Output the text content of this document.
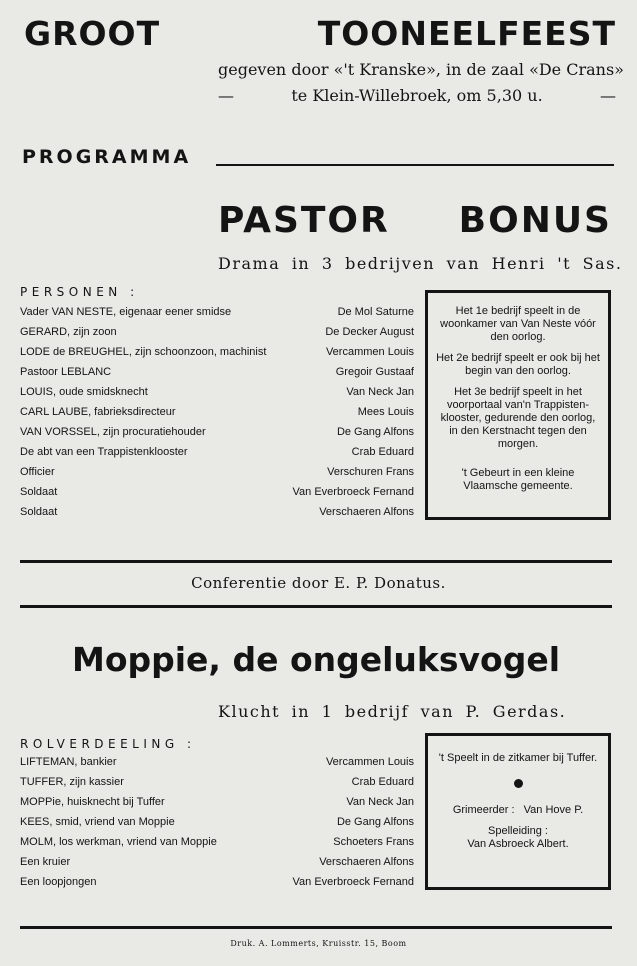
GROOT	TOONEELFEEST
gegeven door «'t Kranske», in de zaal «De Crans»
—	te Klein-Willebroek, om 5,30 u.	—
PROGRAMMA
PASTOR BONUS
Drama in 3 bedrijven van Henri 't Sas.
PERSONEN :
Vader VAN NESTE, eigenaar eener smidse	De Mol Saturne
GERARD, zijn zoon	De Decker August
LODE de BREUGHEL, zijn schoonzoon, machinist	Vercammen Louis
Pastoor LEBLANC	Gregoir Gustaaf
LOUIS, oude smidsknecht	Van Neck Jan
CARL LAUBE, fabrieksdirecteur	Mees Louis
VAN VORSSEL, zijn procuratiehouder	De Gang Alfons
De abt van een Trappistenklooster	Crab Eduard
Officier	Verschuren Frans
Soldaat	Van Everbroeck Fernand
Soldaat	Verschaeren Alfons

Het 1e bedrijf speelt in de woonkamer van Van Neste vóór den oorlog.

Het 2e bedrijf speelt er ook bij het begin van den oorlog.

Het 3e bedrijf speelt in het voorportaal van'n Trappisten-klooster, gedurende den oorlog, in den Kerstnacht tegen den morgen.

't Gebeurt in een kleine Vlaamsche gemeente.

Conferentie door E. P. Donatus.
Moppie, de ongeluksvogel
Klucht in 1 bedrijf van P. Gerdas.
ROLVERDEELING :
LIFTEMAN, bankier	Vercammen Louis
TUFFER, zijn kassier	Crab Eduard
MOPPie, huisknecht bij Tuffer	Van Neck Jan
KEES, smid, vriend van Moppie	De Gang Alfons
MOLM, los werkman, vriend van Moppie	Schoeters Frans
Een kruier	Verschaeren Alfons
Een loopjongen	Van Everbroeck Fernand

't Speelt in de zitkamer bij Tuffer.

Grimeerder : Van Hove P.

Spelleiding :

Van Asbroeck Albert.

Druk. A. Lommerts, Kruisstr. 15, Boom
